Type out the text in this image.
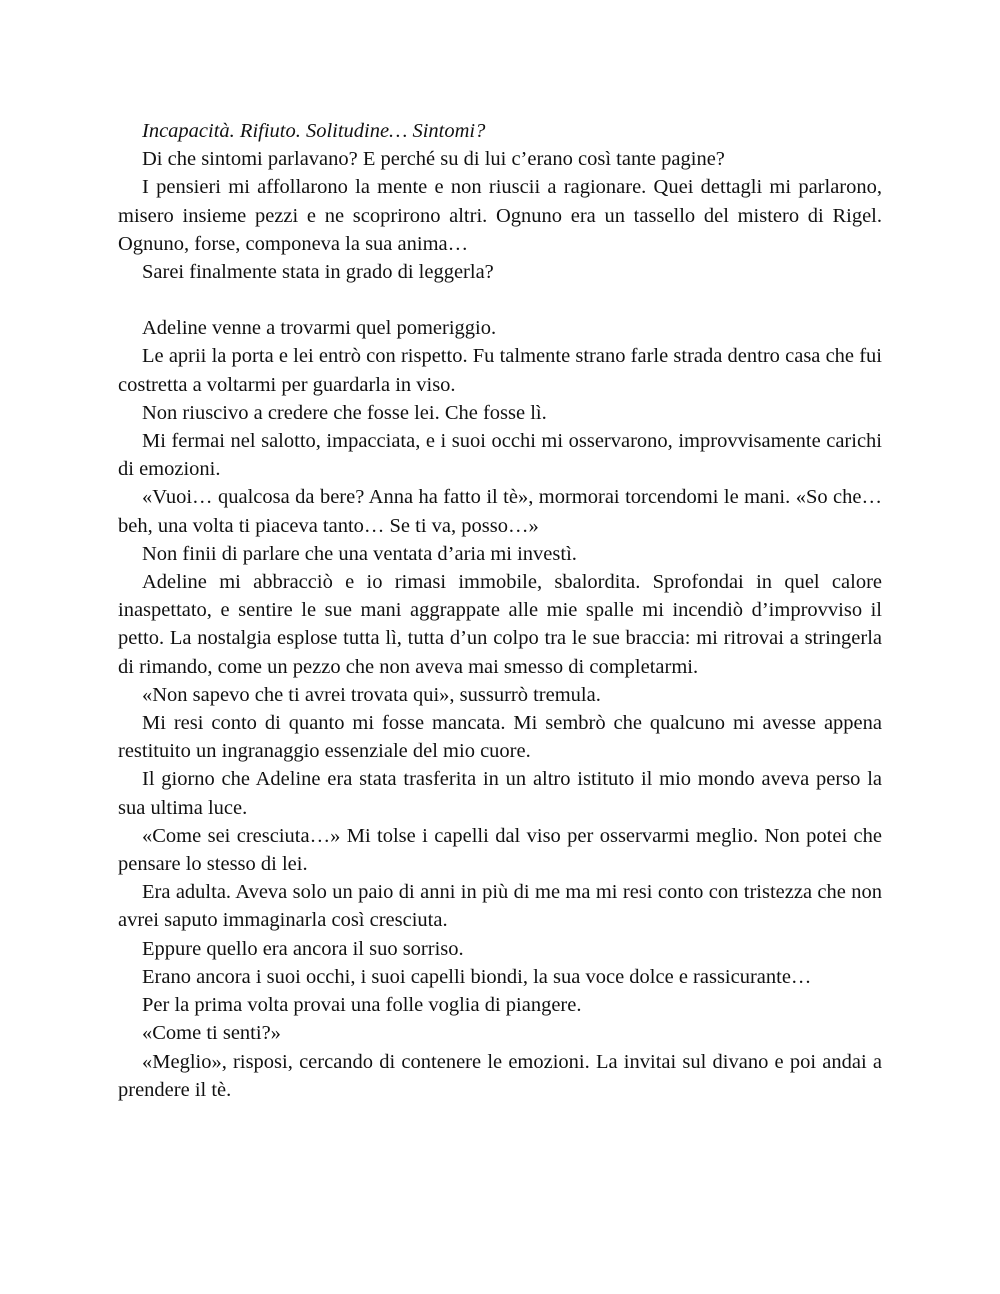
Incapacità. Rifiuto. Solitudine… Sintomi?

Di che sintomi parlavano? E perché su di lui c’erano così tante pagine?

I pensieri mi affollarono la mente e non riuscii a ragionare. Quei dettagli mi parlarono, misero insieme pezzi e ne scoprirono altri. Ognuno era un tassello del mistero di Rigel. Ognuno, forse, componeva la sua anima…

Sarei finalmente stata in grado di leggerla?

Adeline venne a trovarmi quel pomeriggio.

Le aprii la porta e lei entrò con rispetto. Fu talmente strano farle strada dentro casa che fui costretta a voltarmi per guardarla in viso.

Non riuscivo a credere che fosse lei. Che fosse lì.

Mi fermai nel salotto, impacciata, e i suoi occhi mi osservarono, improvvisamente carichi di emozioni.

«Vuoi… qualcosa da bere? Anna ha fatto il tè», mormorai torcendomi le mani. «So che… beh, una volta ti piaceva tanto… Se ti va, posso…»

Non finii di parlare che una ventata d’aria mi investì.

Adeline mi abbracciò e io rimasi immobile, sbalordita. Sprofondai in quel calore inaspettato, e sentire le sue mani aggrappate alle mie spalle mi incendiò d’improvviso il petto. La nostalgia esplose tutta lì, tutta d’un colpo tra le sue braccia: mi ritrovai a stringerla di rimando, come un pezzo che non aveva mai smesso di completarmi.

«Non sapevo che ti avrei trovata qui», sussurrò tremula.

Mi resi conto di quanto mi fosse mancata. Mi sembrò che qualcuno mi avesse appena restituito un ingranaggio essenziale del mio cuore.

Il giorno che Adeline era stata trasferita in un altro istituto il mio mondo aveva perso la sua ultima luce.

«Come sei cresciuta…» Mi tolse i capelli dal viso per osservarmi meglio. Non potei che pensare lo stesso di lei.

Era adulta. Aveva solo un paio di anni in più di me ma mi resi conto con tristezza che non avrei saputo immaginarla così cresciuta.

Eppure quello era ancora il suo sorriso.

Erano ancora i suoi occhi, i suoi capelli biondi, la sua voce dolce e rassicurante…

Per la prima volta provai una folle voglia di piangere.

«Come ti senti?»

«Meglio», risposi, cercando di contenere le emozioni. La invitai sul divano e poi andai a prendere il tè.
